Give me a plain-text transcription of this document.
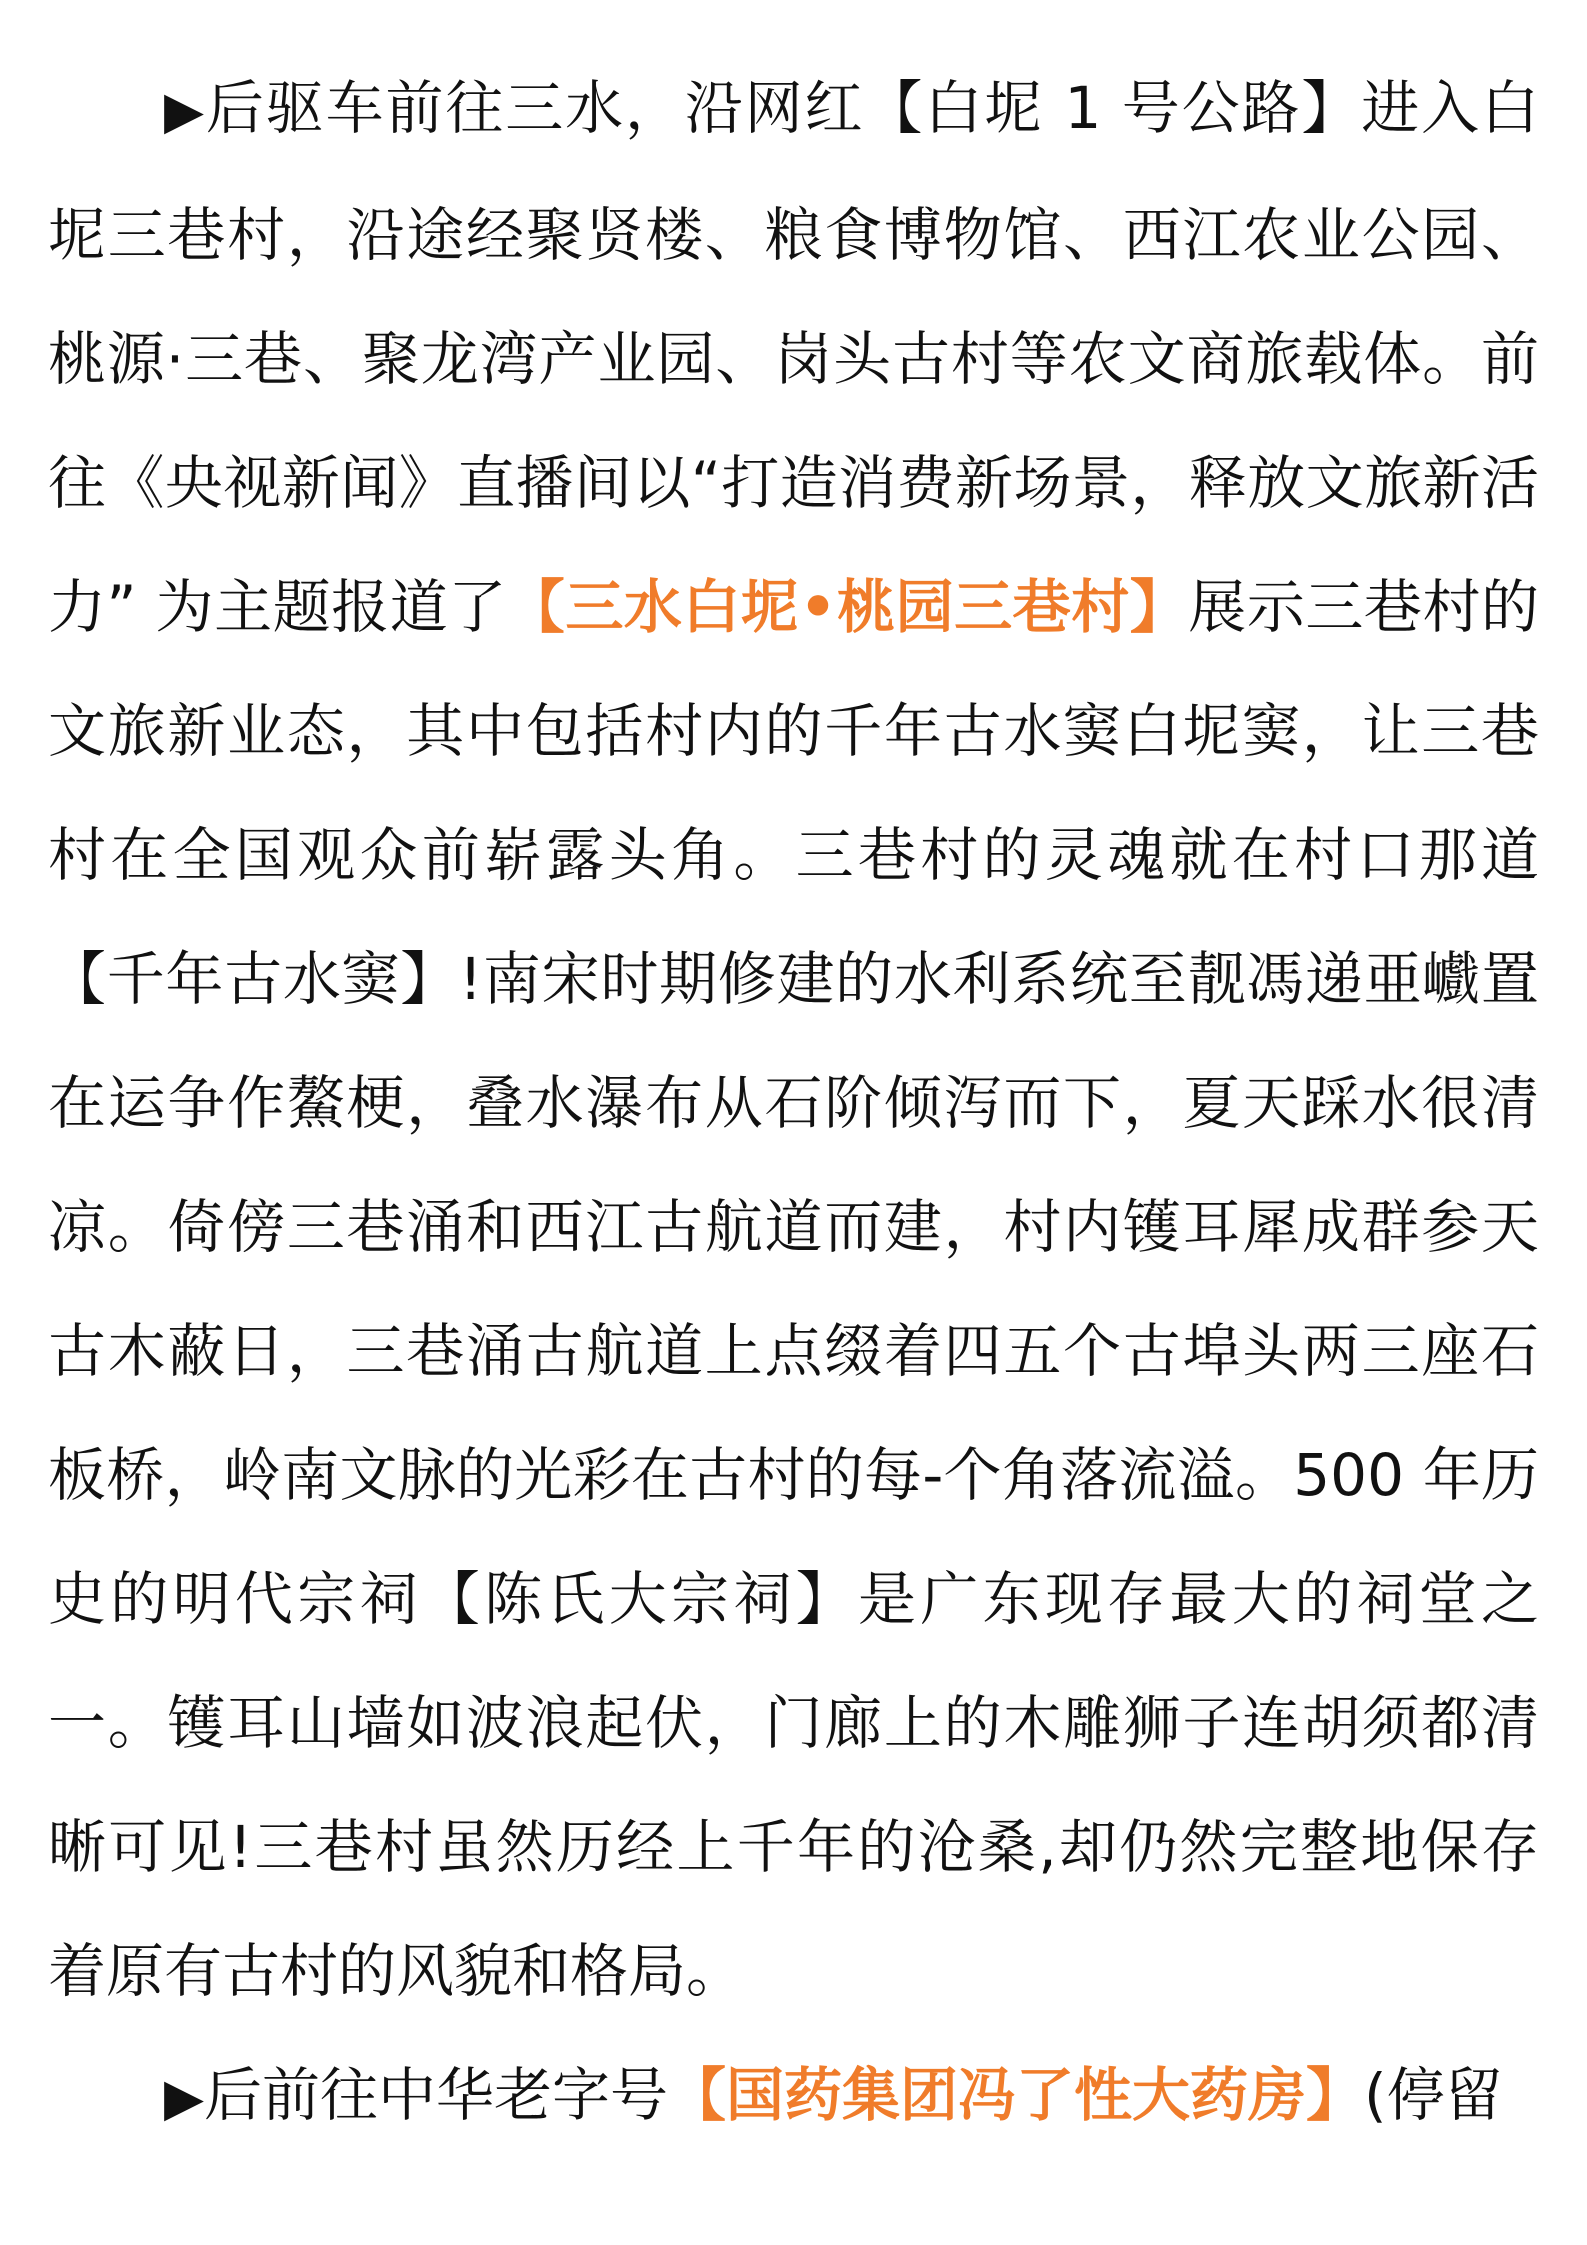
▶后驱车前往三水，沿网红【白坭 1 号公路】进入白坭三巷村，沿途经聚贤楼、粮食博物馆、西江农业公园、桃源·三巷、聚龙湾产业园、岗头古村等农文商旅载体。前往《央视新闻》直播间以“打造消费新场景，释放文旅新活力” 为主题报道了【三水白坭•桃园三巷村】展示三巷村的文旅新业态，其中包括村内的千年古水窦白坭窦，让三巷村在全国观众前崭露头角。三巷村的灵魂就在村口那道【千年古水窦】!南宋时期修建的水利系统至靓馮递亜巇置在运争作鰲梗，叠水瀑布从石阶倾泻而下，夏天踩水很清凉。倚傍三巷涌和西江古航道而建，村内镬耳犀成群参天古木蔽日，三巷涌古航道上点缀着四五个古埠头两三座石板桥，岭南文脉的光彩在古村的每-个角落流溢。500 年历史的明代宗祠【陈氏大宗祠】是广东现存最大的祠堂之一。镬耳山墙如波浪起伏，门廊上的木雕狮子连胡须都清晰可见!三巷村虽然历经上千年的沧桑,却仍然完整地保存着原有古村的风貌和格局。

▶后前往中华老字号【国药集团冯了性大药房】(停留
